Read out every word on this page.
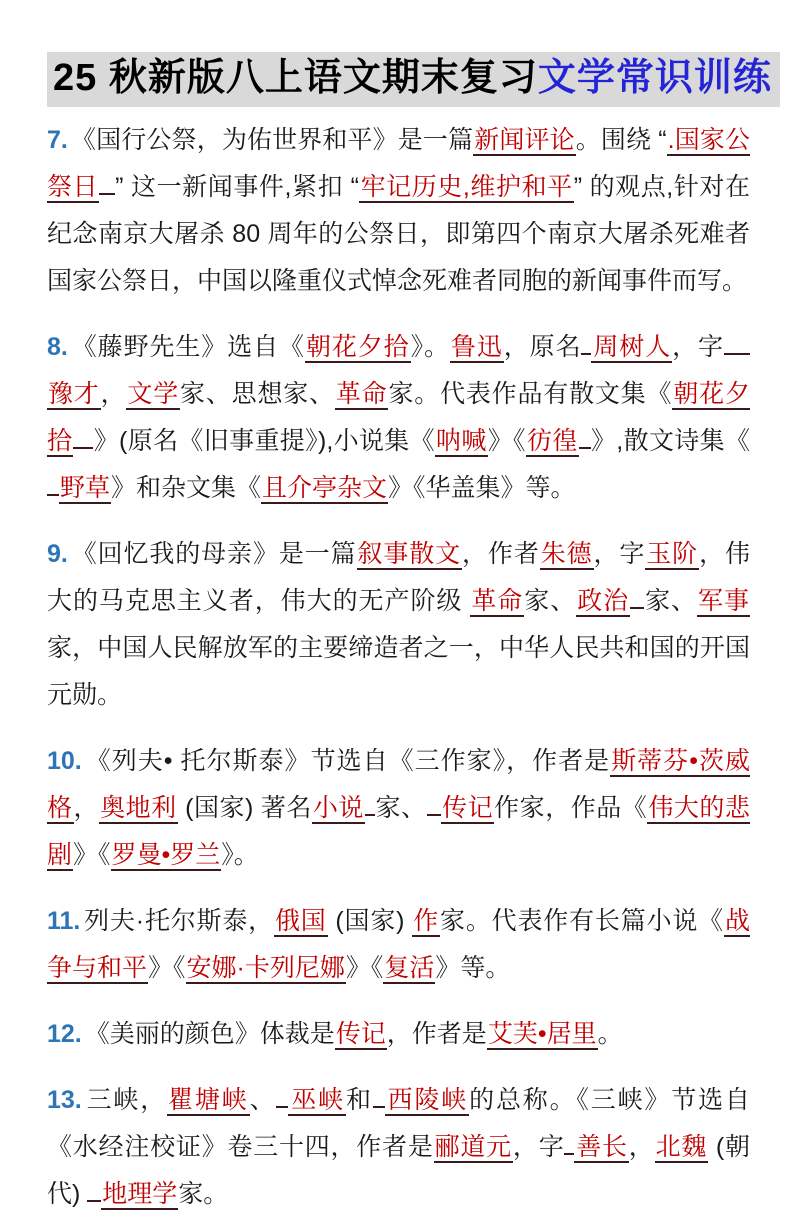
25 秋新版八上语文期末复习文学常识训练

7. 《国行公祭，为佑世界和平》是一篇新闻评论。围绕 “.国家公祭日 ” 这一新闻事件,紧扣 “牢记历史,维护和平” 的观点,针对在纪念南京大屠杀 80 周年的公祭日，即第四个南京大屠杀死难者国家公祭日，中国以隆重仪式悼念死难者同胞的新闻事件而写。

8. 《藤野先生》选自《朝花夕拾》。鲁迅，原名 周树人，字豫才，文学家、思想家、革命家。代表作品有散文集《朝花夕拾 》(原名《旧事重提》),小说集《呐喊》《彷徨 》,散文诗集《野草》和杂文集《且介亭杂文》《华盖集》等。

9. 《回忆我的母亲》是一篇叙事散文，作者朱德，字玉阶，伟大的马克思主义者，伟大的无产阶级 革命家、政治 家、军事家，中国人民解放军的主要缔造者之一，中华人民共和国的开国元勋。

10. 《列夫• 托尔斯泰》节选自《三作家》，作者是斯蒂芬•茨威格，奥地利 (国家) 著名小说 家、 传记作家，作品《伟大的悲剧》《罗曼•罗兰》。

11. 列夫·托尔斯泰，俄国 (国家) 作家。代表作有长篇小说《战争与和平》《安娜·卡列尼娜》《复活》等。

12. 《美丽的颜色》体裁是传记，作者是艾芙•居里。

13. 三峡，瞿塘峡、 巫峡和 西陵峡的总称。《三峡》节选自《水经注校证》卷三十四，作者是郦道元，字 善长，北魏 (朝代) 地理学家。
